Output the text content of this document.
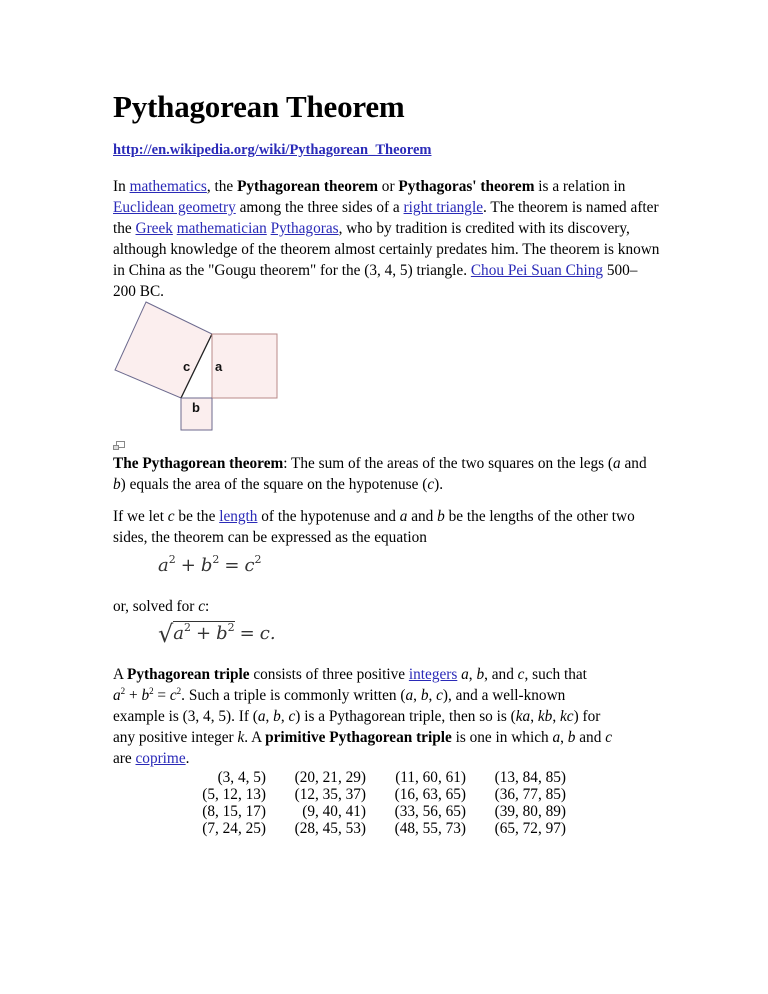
Pythagorean Theorem
http://en.wikipedia.org/wiki/Pythagorean_Theorem

In mathematics, the Pythagorean theorem or Pythagoras' theorem is a relation in
Euclidean geometry among the three sides of a right triangle. The theorem is named after
the Greek mathematician Pythagoras, who by tradition is credited with its discovery,
although knowledge of the theorem almost certainly predates him. The theorem is known
in China as the "Gougu theorem" for the (3, 4, 5) triangle. Chou Pei Suan Ching 500–
200 BC.

c a
b

The Pythagorean theorem: The sum of the areas of the two squares on the legs (a and
b) equals the area of the square on the hypotenuse (c).

If we let c be the length of the hypotenuse and a and b be the lengths of the other two
sides, the theorem can be expressed as the equation

$a^2 + b^2 = c^2$

or, solved for c:

$√a^2 + b^2 = c$.

A Pythagorean triple consists of three positive integers a, b, and c, such that
$a^2 + b^2 = c^2$. Such a triple is commonly written (a, b, c), and a well-known
example is (3, 4, 5). If (a, b, c) is a Pythagorean triple, then so is (ka, kb, kc) for
any positive integer k. A primitive Pythagorean triple is one in which a, b and c
are coprime.

(3, 4, 5)	(20, 21, 29)	(11, 60, 61)	(13, 84, 85)
(5, 12, 13)	(12, 35, 37)	(16, 63, 65)	(36, 77, 85)
(8, 15, 17)	(9, 40, 41)	(33, 56, 65)	(39, 80, 89)
(7, 24, 25)	(28, 45, 53)	(48, 55, 73)	(65, 72, 97)
